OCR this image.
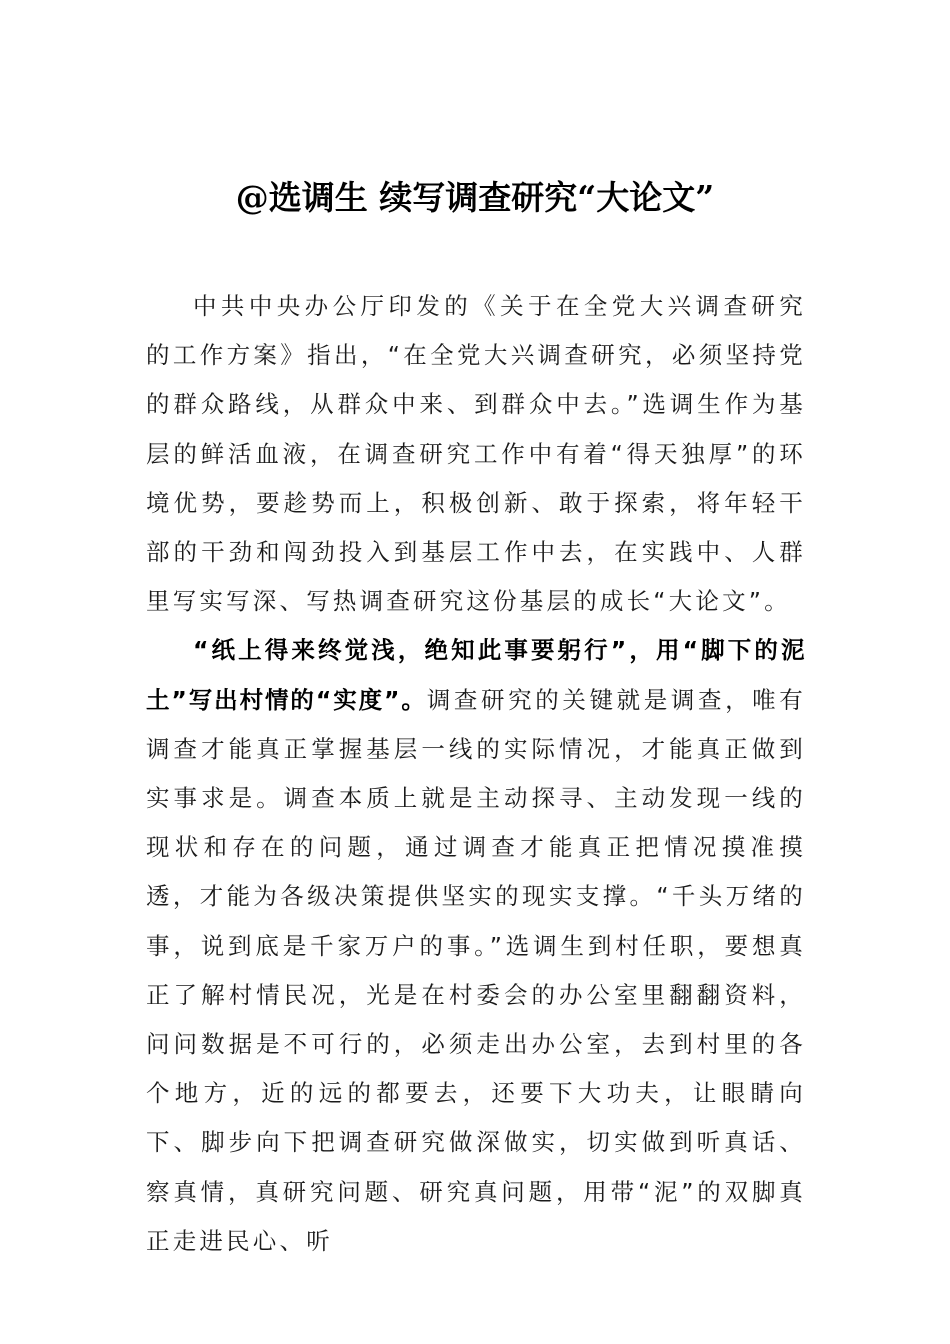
@选调生 续写调查研究“大论文”

中共中央办公厅印发的《关于在全党大兴调查研究的工作方案》指出，“在全党大兴调查研究，必须坚持党的群众路线，从群众中来、到群众中去。”选调生作为基层的鲜活血液，在调查研究工作中有着“得天独厚”的环境优势，要趁势而上，积极创新、敢于探索，将年轻干部的干劲和闯劲投入到基层工作中去，在实践中、人群里写实写深、写热调查研究这份基层的成长“大论文”。

“纸上得来终觉浅，绝知此事要躬行”，用“脚下的泥土”写出村情的“实度”。调查研究的关键就是调查，唯有调查才能真正掌握基层一线的实际情况，才能真正做到实事求是。调查本质上就是主动探寻、主动发现一线的现状和存在的问题，通过调查才能真正把情况摸准摸透，才能为各级决策提供坚实的现实支撑。“千头万绪的事，说到底是千家万户的事。”选调生到村任职，要想真正了解村情民况，光是在村委会的办公室里翻翻资料，问问数据是不可行的，必须走出办公室，去到村里的各个地方，近的远的都要去，还要下大功夫，让眼睛向下、脚步向下把调查研究做深做实，切实做到听真话、察真情，真研究问题、研究真问题，用带“泥”的双脚真正走进民心、听
